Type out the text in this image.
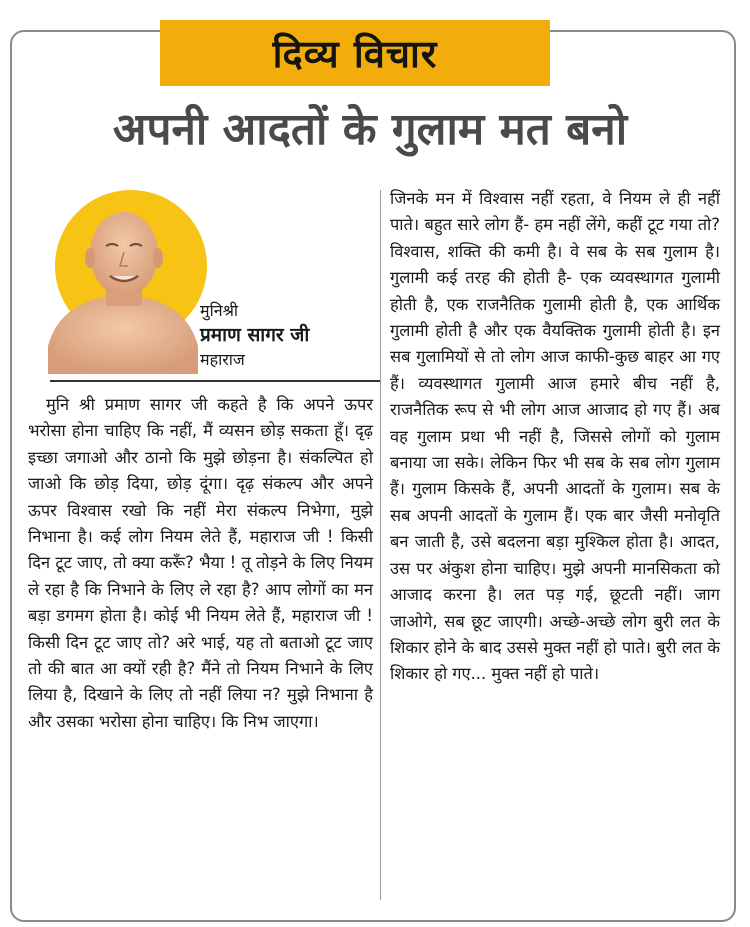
दिव्य विचार
अपनी आदतों के गुलाम मत बनो
मुनिश्री
प्रमाण सागर जी
महाराज

मुनि श्री प्रमाण सागर जी कहते है कि अपने ऊपर भरोसा होना चाहिए कि नहीं, मैं व्यसन छोड़ सकता हूँ। दृढ़ इच्छा जगाओ और ठानो कि मुझे छोड़ना है। संकल्पित हो जाओ कि छोड़ दिया, छोड़ दूंगा। दृढ़ संकल्प और अपने ऊपर विश्वास रखो कि नहीं मेरा संकल्प निभेगा, मुझे निभाना है। कई लोग नियम लेते हैं, महाराज जी ! किसी दिन टूट जाए, तो क्या करूँ? भैया ! तू तोड़ने के लिए नियम ले रहा है कि निभाने के लिए ले रहा है? आप लोगों का मन बड़ा डगमग होता है। कोई भी नियम लेते हैं, महाराज जी ! किसी दिन टूट जाए तो? अरे भाई, यह तो बताओ टूट जाए तो की बात आ क्यों रही है? मैंने तो नियम निभाने के लिए लिया है, दिखाने के लिए तो नहीं लिया न? मुझे निभाना है और उसका भरोसा होना चाहिए। कि निभ जाएगा।

जिनके मन में विश्वास नहीं रहता, वे नियम ले ही नहीं पाते। बहुत सारे लोग हैं- हम नहीं लेंगे, कहीं टूट गया तो? विश्वास, शक्ति की कमी है। वे सब के सब गुलाम है। गुलामी कई तरह की होती है- एक व्यवस्थागत गुलामी होती है, एक राजनैतिक गुलामी होती है, एक आर्थिक गुलामी होती है और एक वैयक्तिक गुलामी होती है। इन सब गुलामियों से तो लोग आज काफी-कुछ बाहर आ गए हैं। व्यवस्थागत गुलामी आज हमारे बीच नहीं है, राजनैतिक रूप से भी लोग आज आजाद हो गए हैं। अब वह गुलाम प्रथा भी नहीं है, जिससे लोगों को गुलाम बनाया जा सके। लेकिन फिर भी सब के सब लोग गुलाम हैं। गुलाम किसके हैं, अपनी आदतों के गुलाम। सब के सब अपनी आदतों के गुलाम हैं। एक बार जैसी मनोवृति बन जाती है, उसे बदलना बड़ा मुश्किल होता है। आदत, उस पर अंकुश होना चाहिए। मुझे अपनी मानसिकता को आजाद करना है। लत पड़ गई, छूटती नहीं। जाग जाओगे, सब छूट जाएगी। अच्छे-अच्छे लोग बुरी लत के शिकार होने के बाद उससे मुक्त नहीं हो पाते। बुरी लत के शिकार हो गए... मुक्त नहीं हो पाते।
